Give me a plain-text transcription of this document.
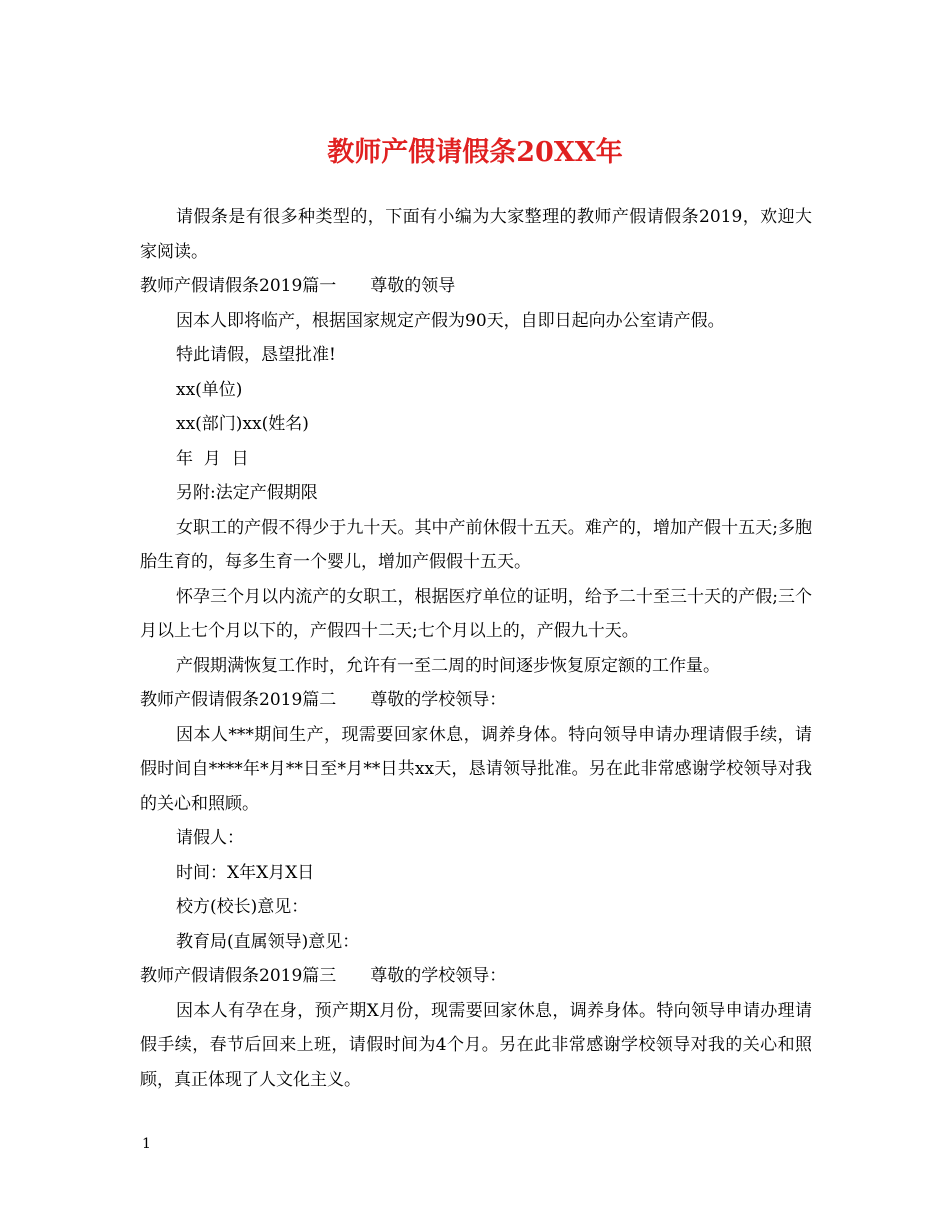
教师产假请假条20XX年

请假条是有很多种类型的，下面有小编为大家整理的教师产假请假条2019，欢迎大家阅读。

教师产假请假条2019篇一　　尊敬的领导

因本人即将临产，根据国家规定产假为90天，自即日起向办公室请产假。

特此请假，恳望批准!

xx(单位)

xx(部门)xx(姓名)

年  月  日

另附:法定产假期限

女职工的产假不得少于九十天。其中产前休假十五天。难产的，增加产假十五天;多胞胎生育的，每多生育一个婴儿，增加产假假十五天。

怀孕三个月以内流产的女职工，根据医疗单位的证明，给予二十至三十天的产假;三个月以上七个月以下的，产假四十二天;七个月以上的，产假九十天。

产假期满恢复工作时，允许有一至二周的时间逐步恢复原定额的工作量。

教师产假请假条2019篇二　　尊敬的学校领导：

因本人***期间生产，现需要回家休息，调养身体。特向领导申请办理请假手续，请假时间自****年*月**日至*月**日共xx天，恳请领导批准。另在此非常感谢学校领导对我的关心和照顾。

请假人：

时间：X年X月X日

校方(校长)意见：

教育局(直属领导)意见：

教师产假请假条2019篇三　　尊敬的学校领导：

因本人有孕在身，预产期X月份，现需要回家休息，调养身体。特向领导申请办理请假手续，春节后回来上班，请假时间为4个月。另在此非常感谢学校领导对我的关心和照顾，真正体现了人文化主义。

1
